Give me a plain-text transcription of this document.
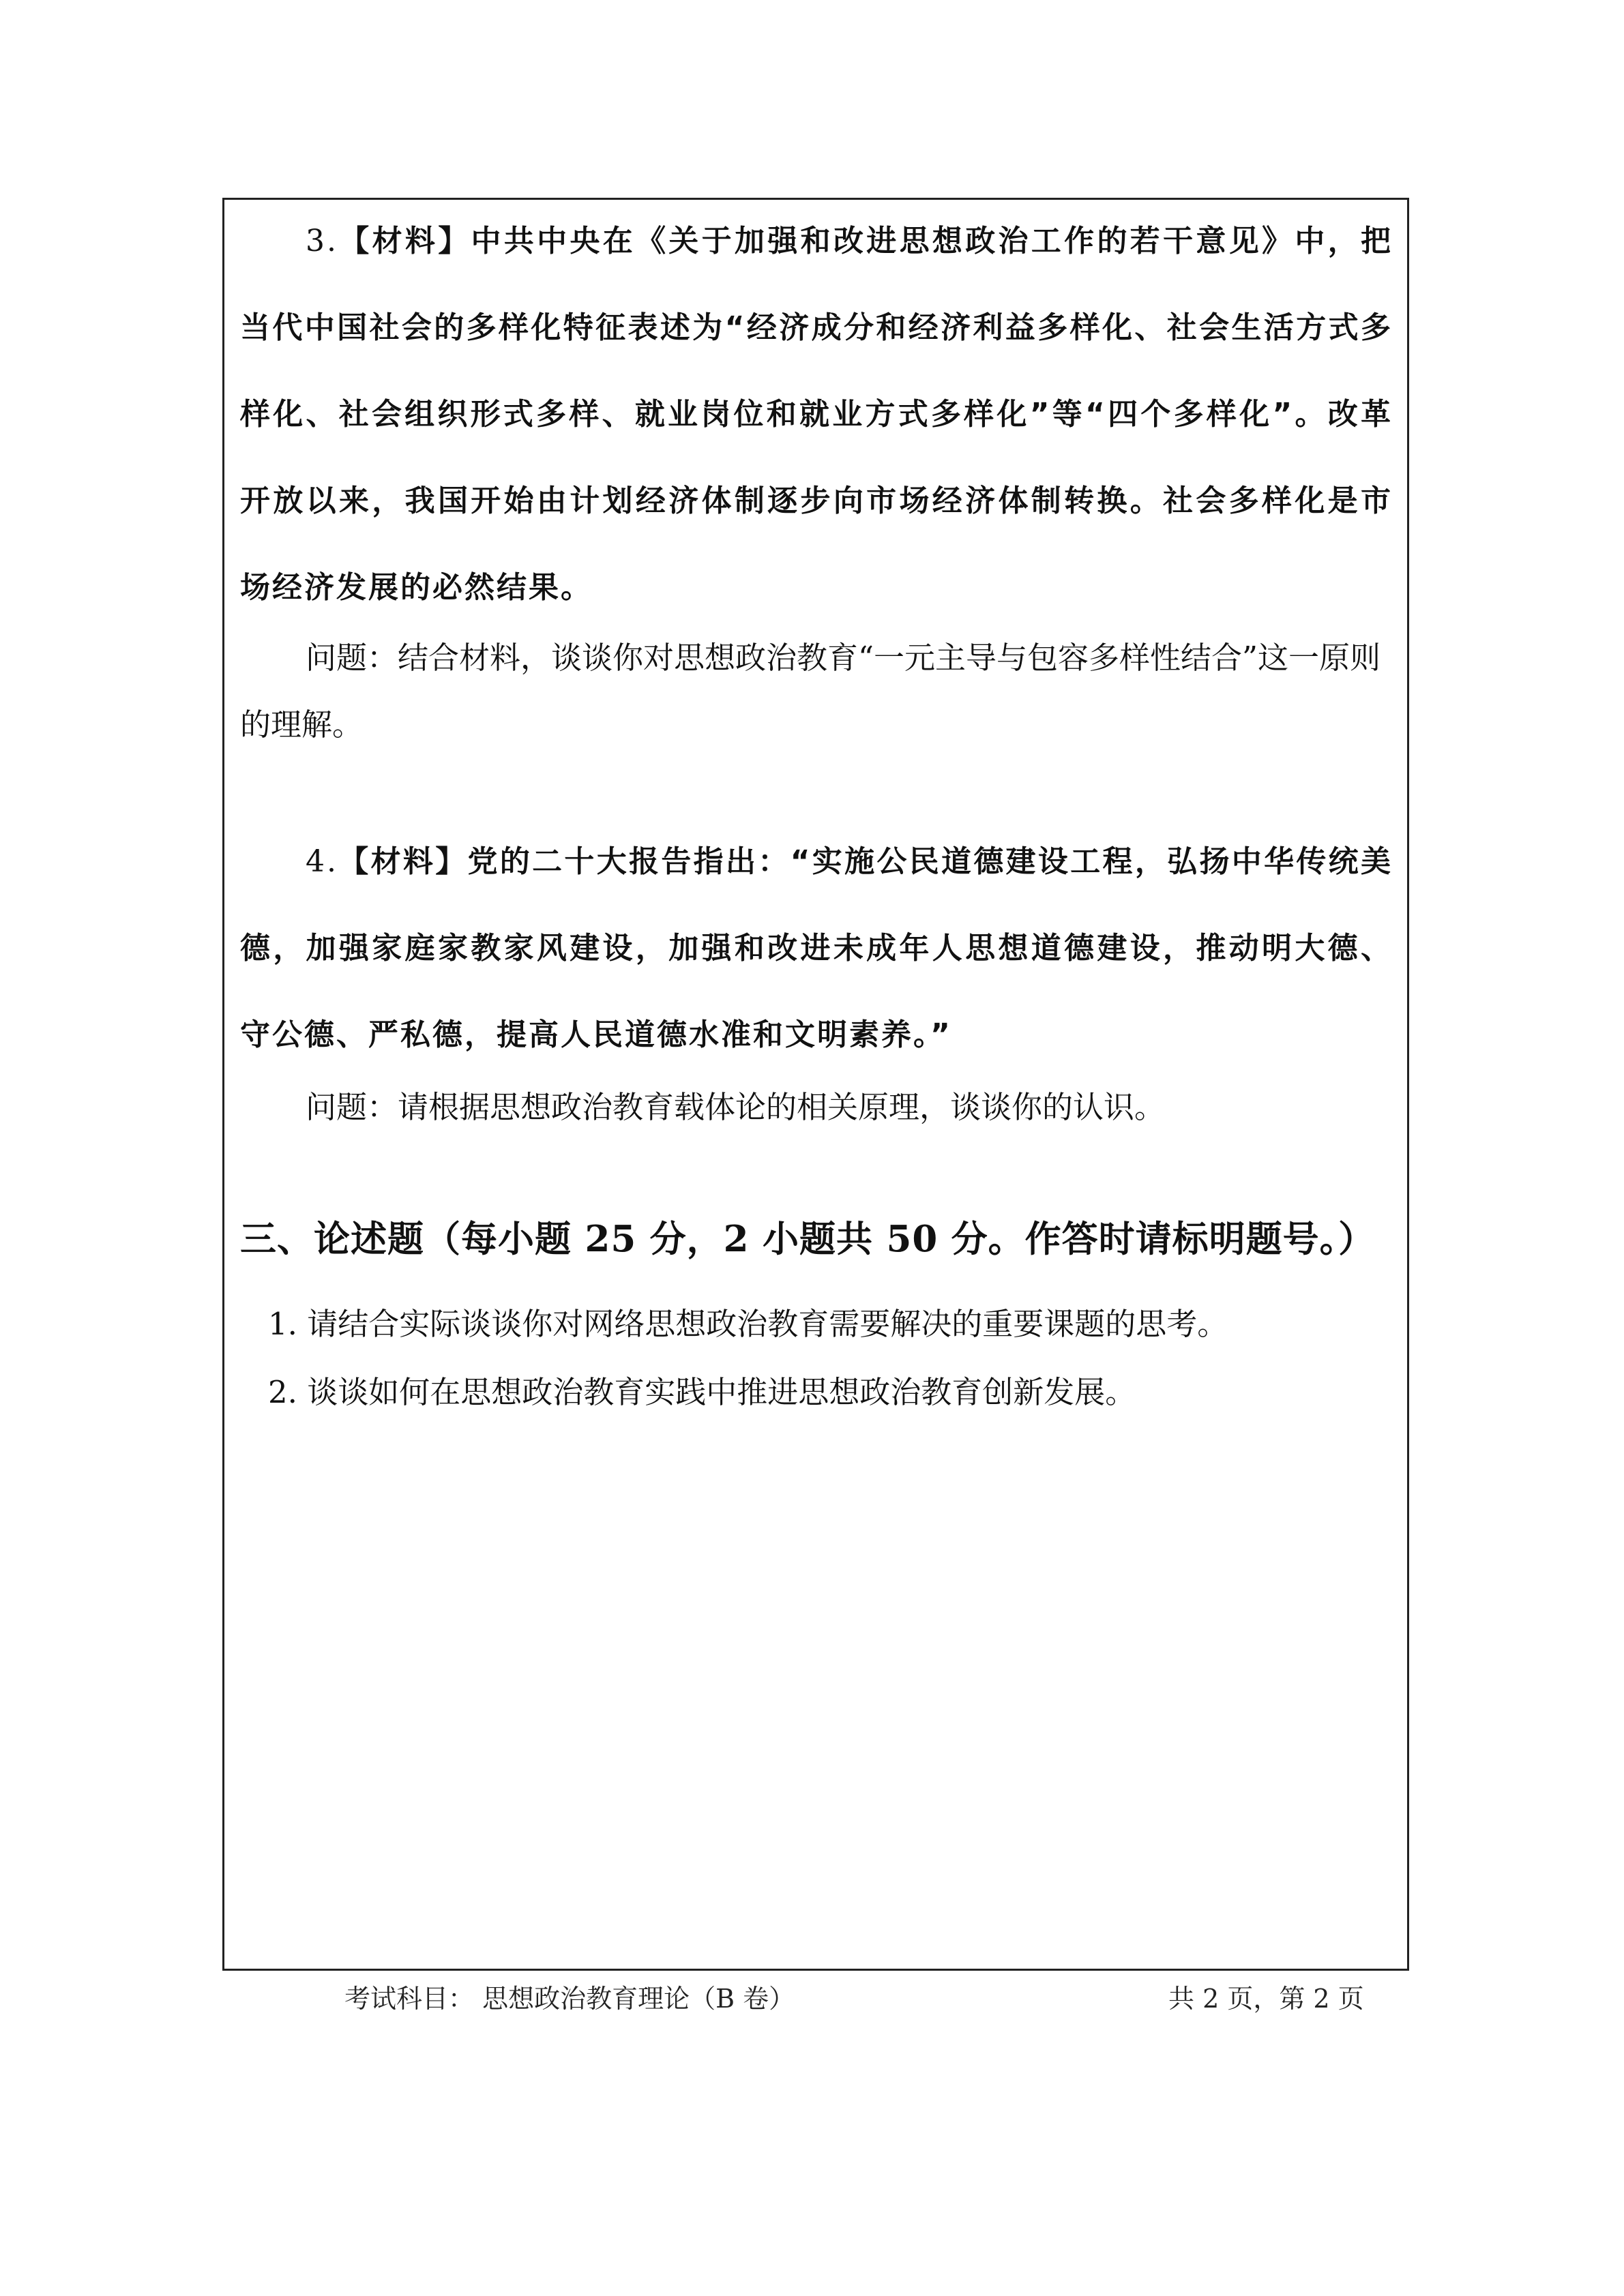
3.【材料】中共中央在《关于加强和改进思想政治工作的若干意见》中，把当代中国社会的多样化特征表述为“经济成分和经济利益多样化、社会生活方式多样化、社会组织形式多样、就业岗位和就业方式多样化”等“四个多样化”。改革开放以来，我国开始由计划经济体制逐步向市场经济体制转换。社会多样化是市场经济发展的必然结果。
问题：结合材料，谈谈你对思想政治教育“一元主导与包容多样性结合”这一原则的理解。
4.【材料】党的二十大报告指出：“实施公民道德建设工程，弘扬中华传统美德，加强家庭家教家风建设，加强和改进未成年人思想道德建设，推动明大德、守公德、严私德，提高人民道德水准和文明素养。”
问题：请根据思想政治教育载体论的相关原理，谈谈你的认识。
三、论述题（每小题 25 分，2 小题共 50 分。作答时请标明题号。）
1. 请结合实际谈谈你对网络思想政治教育需要解决的重要课题的思考。
2. 谈谈如何在思想政治教育实践中推进思想政治教育创新发展。
考试科目： 思想政治教育理论（B 卷）	共 2 页，第 2 页
